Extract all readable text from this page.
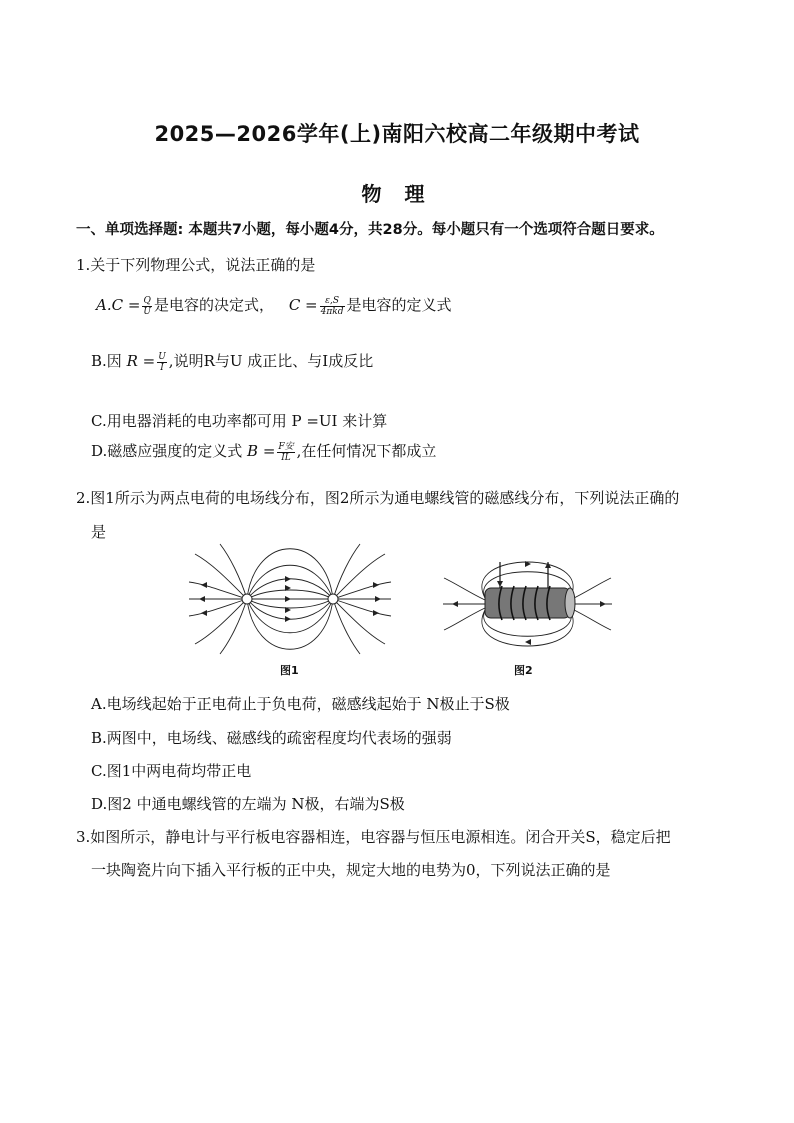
2025—2026学年(上)南阳六校高二年级期中考试
物 理
一、单项选择题: 本题共7小题，每小题4分，共28分。每小题只有一个选项符合题日要求。
1.关于下列物理公式，说法正确的是
$A.C = \frac{Q}{U}$ 是电容的决定式， $C = \frac{\varepsilon,S}{\text{4πkd}}$ 是电容的定义式
B.因 $R = \frac{U}{I}$ ,说明R与U 成正比、与I成反比
C.用电器消耗的电功率都可用 P =UI 来计算
D.磁感应强度的定义式 $B = \frac{\text{F安}}{IL}$ ,在任何情况下都成立
2.图1所示为两点电荷的电场线分布，图2所示为通电螺线管的磁感线分布，下列说法正确的
是
图1	图2
A.电场线起始于正电荷止于负电荷，磁感线起始于 N极止于S极
B.两图中，电场线、磁感线的疏密程度均代表场的强弱
C.图1中两电荷均带正电
D.图2 中通电螺线管的左端为 N极，右端为S极
3.如图所示，静电计与平行板电容器相连，电容器与恒压电源相连。闭合开关S，稳定后把
一块陶瓷片向下插入平行板的正中央，规定大地的电势为0，下列说法正确的是
